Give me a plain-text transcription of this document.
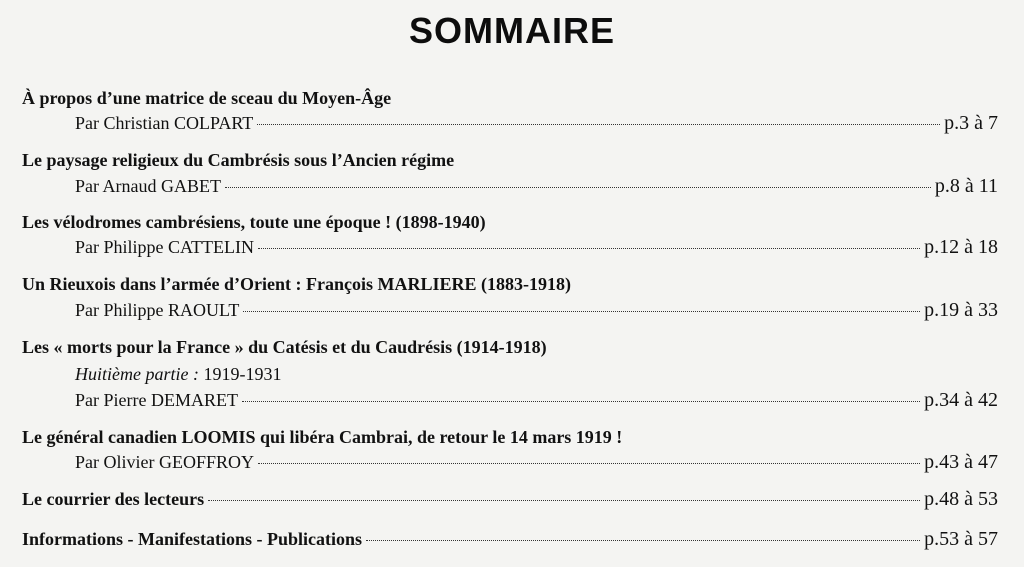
SOMMAIRE
À propos d’une matrice de sceau du Moyen-Âge
Par Christian COLPART	p.3 à 7
Le paysage religieux du Cambrésis sous l’Ancien régime
Par Arnaud GABET	p.8 à 11
Les vélodromes cambrésiens, toute une époque ! (1898-1940)
Par Philippe CATTELIN	p.12 à 18
Un Rieuxois dans l’armée d’Orient : François MARLIERE (1883-1918)
Par Philippe RAOULT	p.19 à 33
Les « morts pour la France » du Catésis et du Caudrésis (1914-1918)
Huitième partie : 1919-1931
Par Pierre DEMARET	p.34 à 42
Le général canadien LOOMIS qui libéra Cambrai, de retour le 14 mars 1919 !
Par Olivier GEOFFROY	p.43 à 47
Le courrier des lecteurs	p.48 à 53
Informations - Manifestations - Publications	p.53 à 57
